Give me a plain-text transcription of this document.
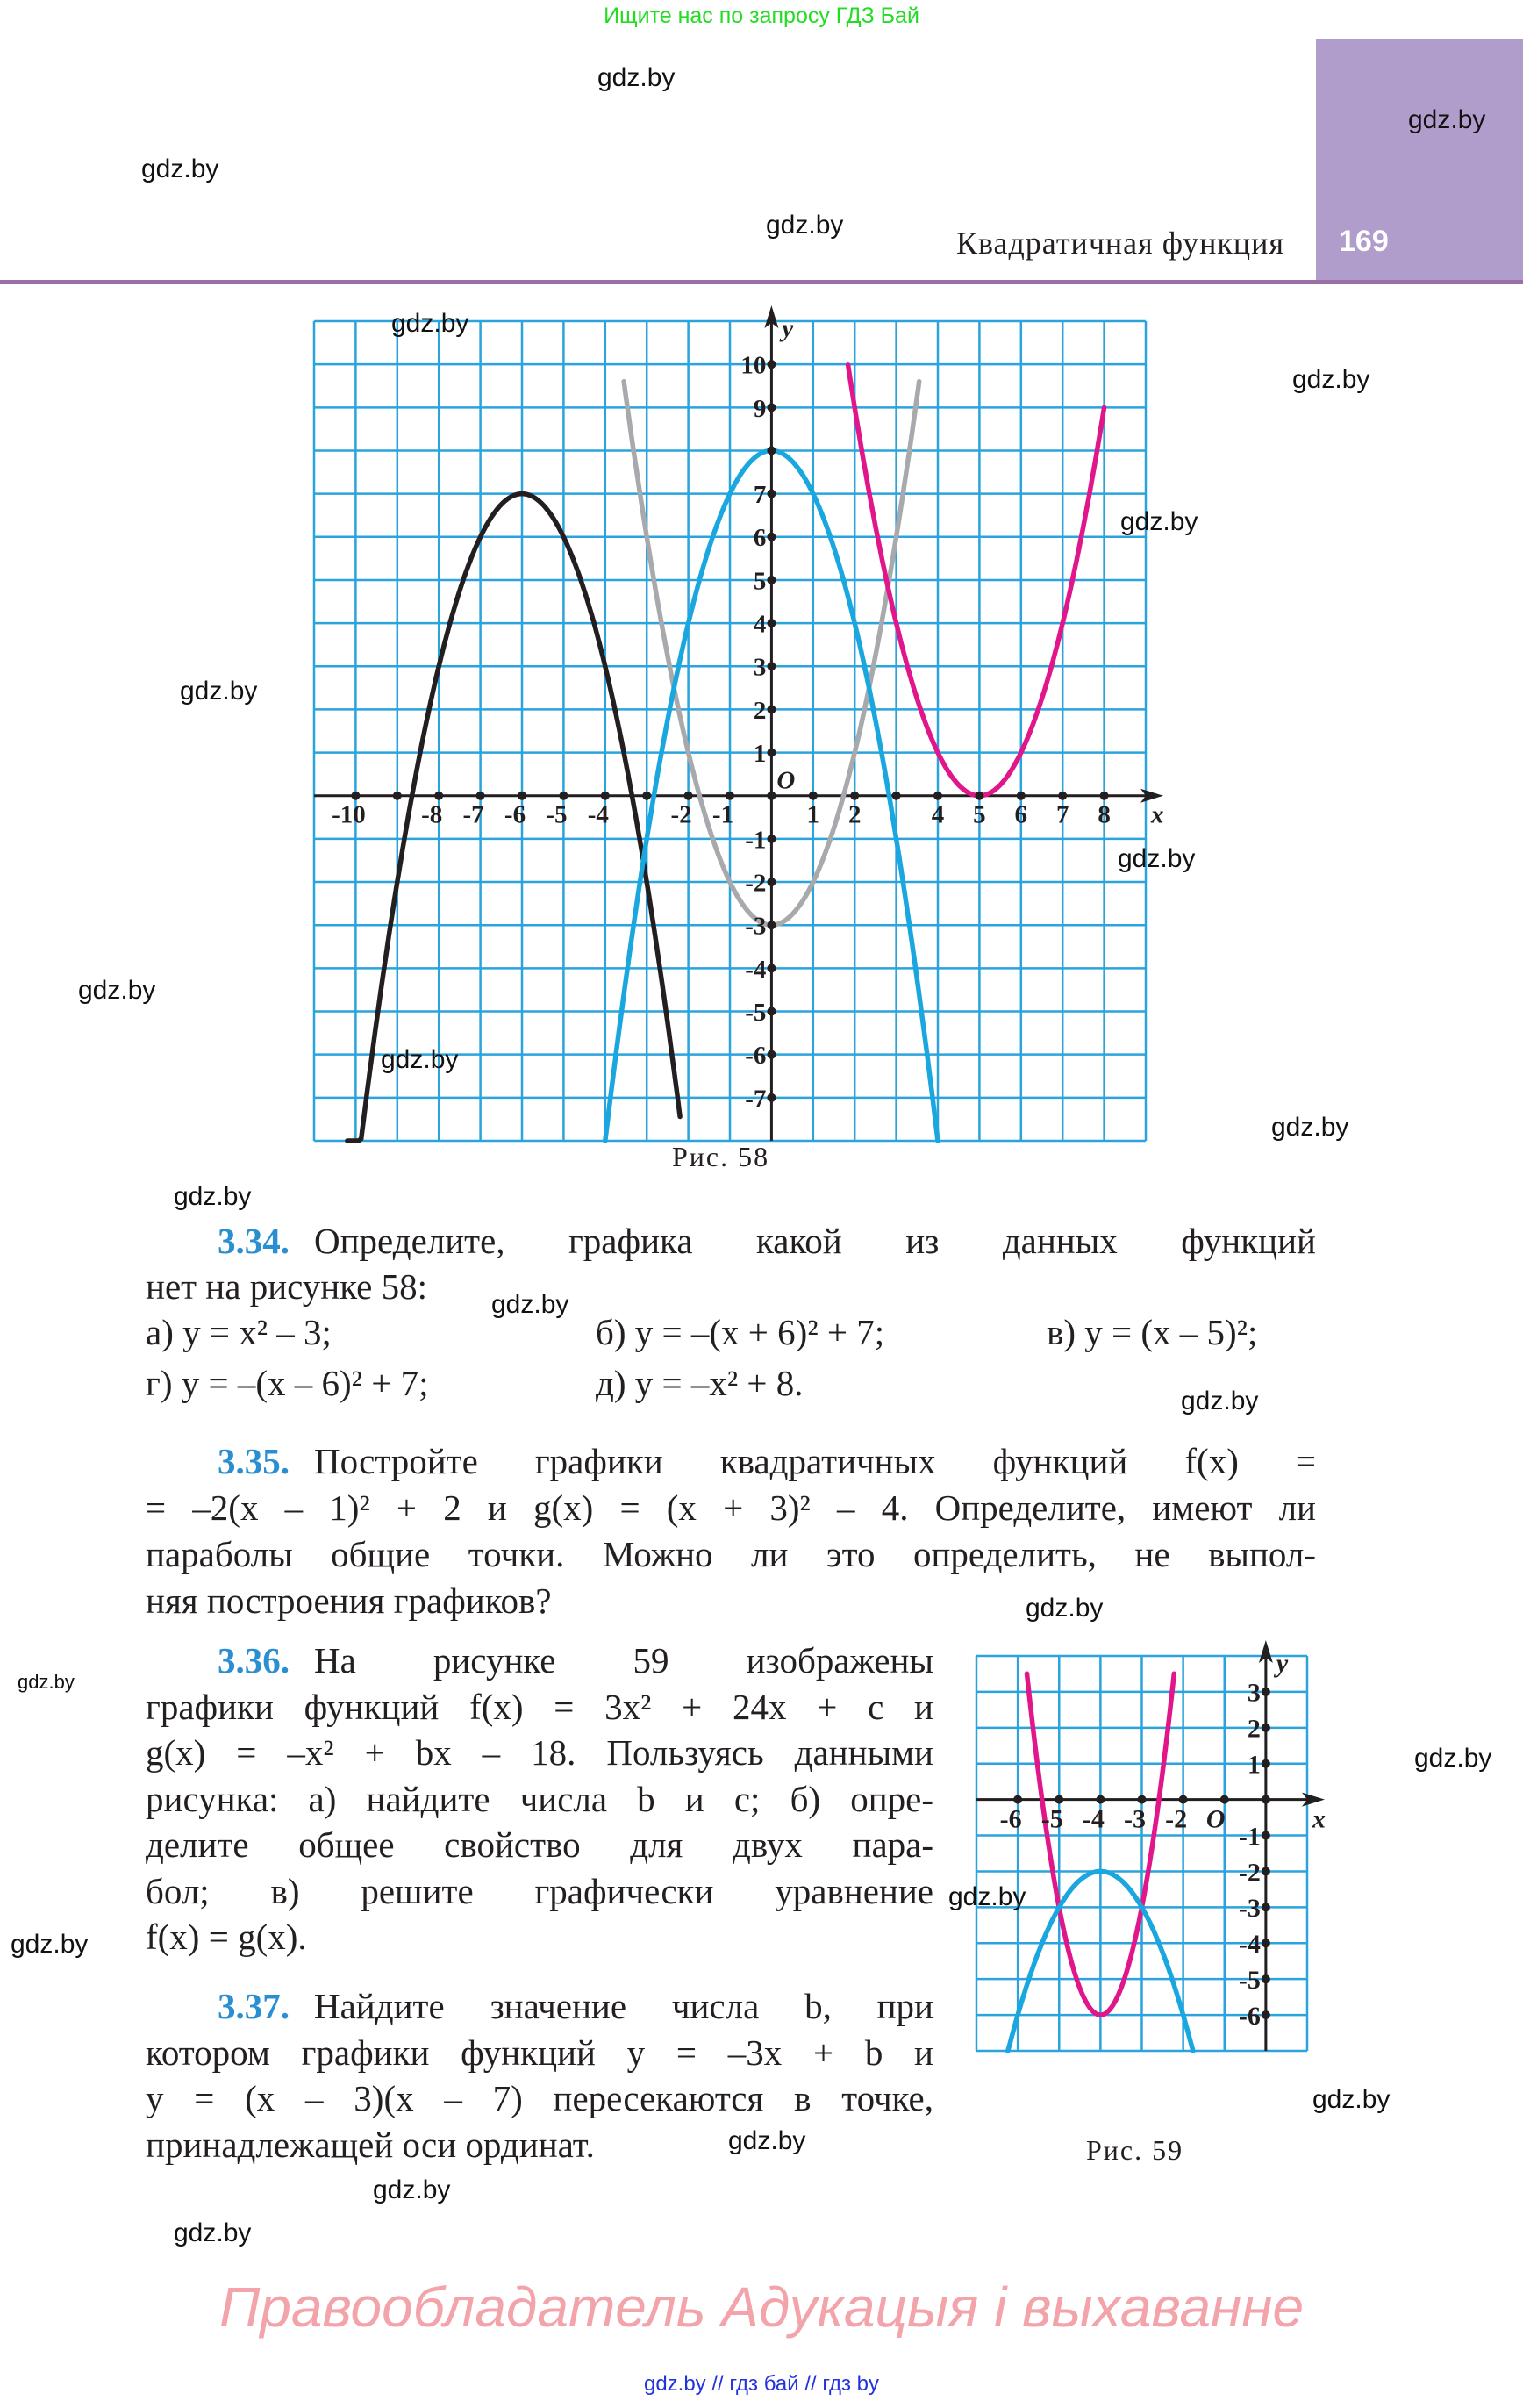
Ищите нас по запросу ГДЗ Бай
169
Квадратичная функция
-10 -8 -7 -6 -5 -4 -2 -1	1 2	4 5 6 7 8
10
9
7
6
5
4
3
2
1
-1
-2
-3
-4
-5
-6
-7
x
y
O
Рис. 58
-6 -5 -4 -3 -2
3
2
1
-1
-2
-3
-4
-5
-6
x
y
O
Рис. 59
3.34. Определите, графика какой из данных функций
нет на рисунке 58:
3.35. Постройте графики квадратичных функций f(x) =
= –2(x – 1)² + 2 и g(x) = (x + 3)² – 4. Определите, имеют ли
параболы общие точки. Можно ли это определить, не выпол-
няя построения графиков?
3.36. На рисунке 59 изображены
графики функций f(x) = 3x² + 24x + c и
g(x) = –x² + bx – 18. Пользуясь данными
рисунка: а) найдите числа b и c; б) опре-
делите общее свойство для двух пара-
бол; в) решите графически уравнение
f(x) = g(x).
3.37. Найдите значение числа b, при
котором графики функций y = –3x + b и
y = (x – 3)(x – 7) пересекаются в точке,
принадлежащей оси ординат.
а) y = x² – 3;	б) y = –(x + 6)² + 7;	в) y = (x – 5)²;
г) y = –(x – 6)² + 7;	д) y = –x² + 8.
gdz.by
gdz.by
gdz.by
gdz.by
gdz.by
gdz.by
gdz.by
gdz.by
gdz.by
gdz.by
gdz.by
gdz.by
gdz.by
gdz.by
gdz.by
gdz.by
gdz.by
gdz.by
gdz.by
gdz.by
gdz.by
gdz.by
gdz.by
gdz.by
Правообладатель Адукацыя і выхаванне
gdz.by // гдз бай // гдз by
